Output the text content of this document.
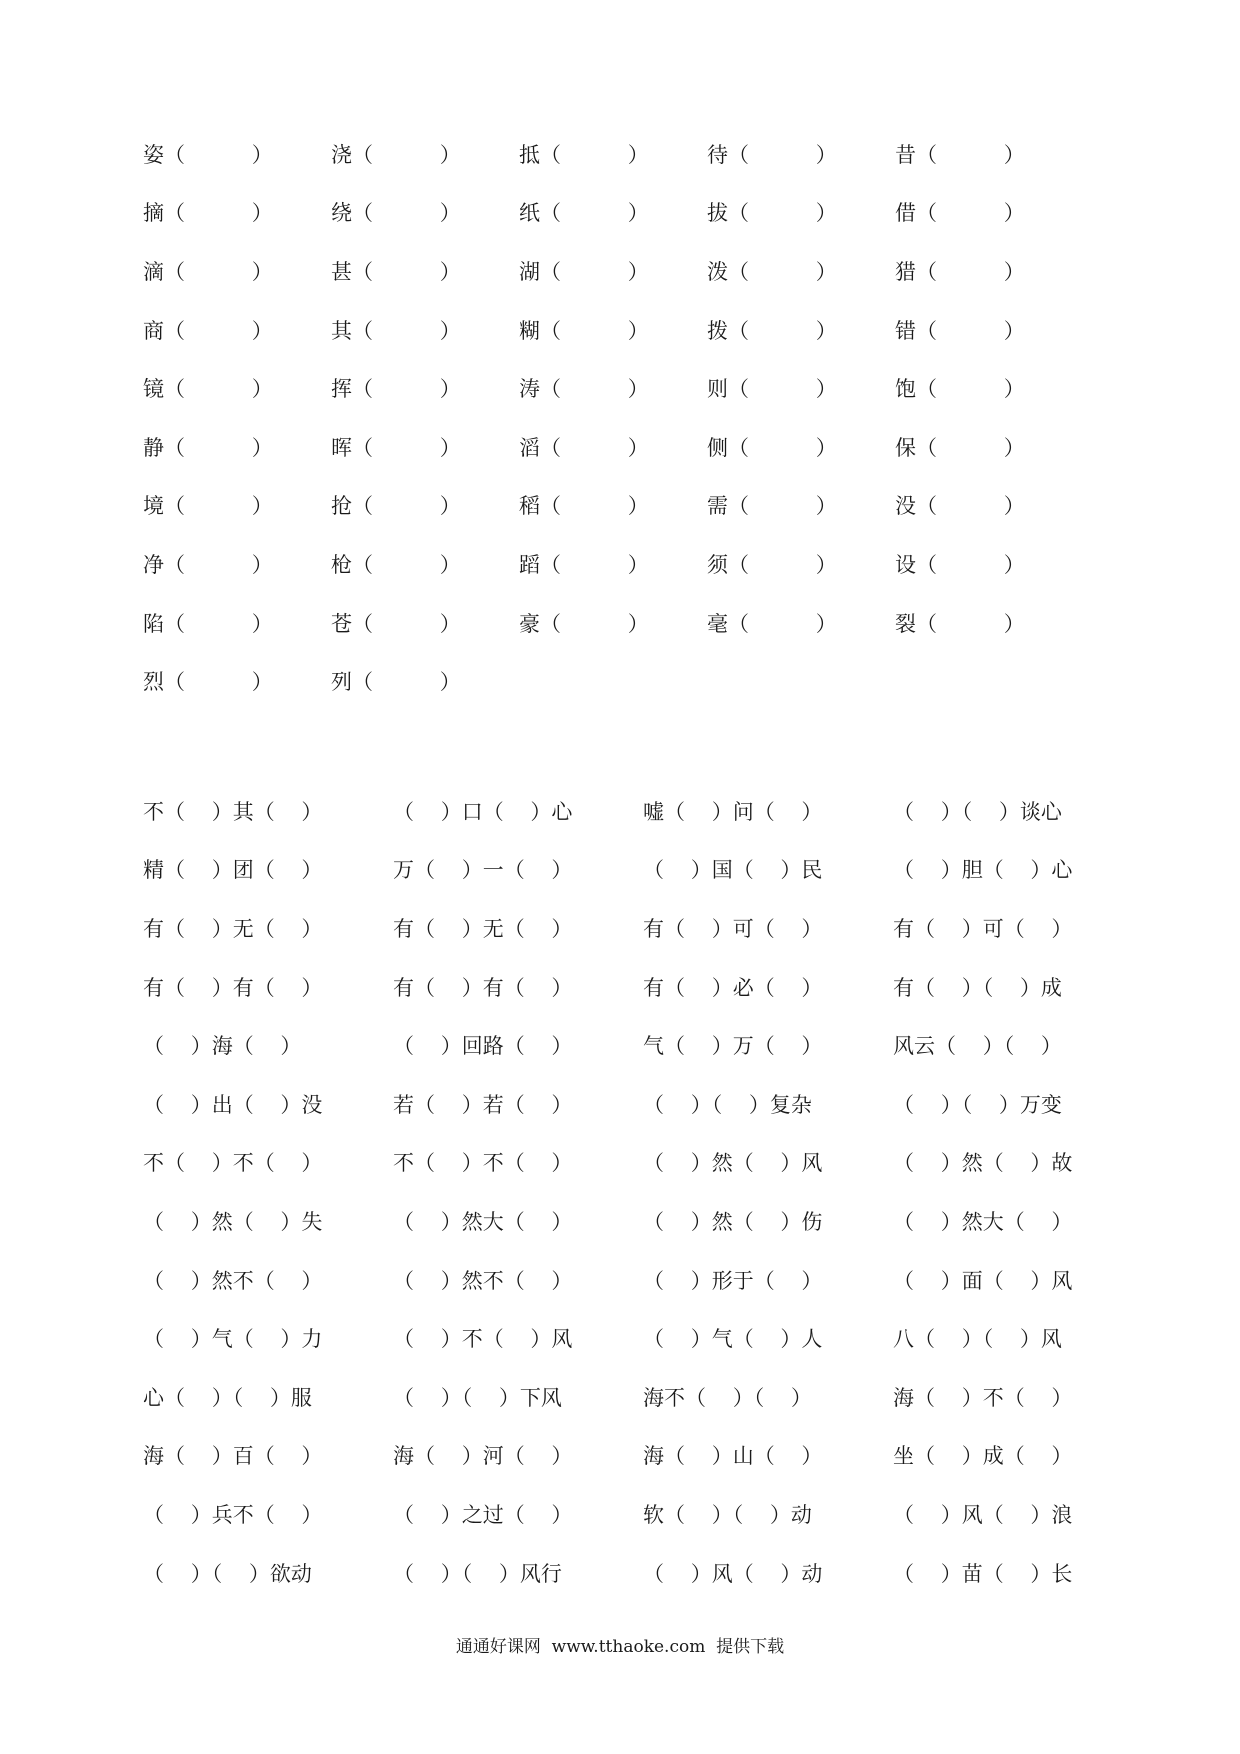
姿（          ）	浇（          ）	抵（          ）	待（          ）	昔（          ）
摘（          ）	绕（          ）	纸（          ）	拔（          ）	借（          ）
滴（          ）	甚（          ）	湖（          ）	泼（          ）	猎（          ）
商（          ）	其（          ）	糊（          ）	拨（          ）	错（          ）
镜（          ）	挥（          ）	涛（          ）	则（          ）	饱（          ）
静（          ）	晖（          ）	滔（          ）	侧（          ）	保（          ）
境（          ）	抢（          ）	稻（          ）	需（          ）	没（          ）
净（          ）	枪（          ）	蹈（          ）	须（          ）	设（          ）
陷（          ）	苍（          ）	豪（          ）	毫（          ）	裂（          ）
烈（          ）	列（          ）
不（    ）其（    ）	（    ）口（    ）心	嘘（    ）问（    ）	（    ）（    ）谈心
精（    ）团（    ）	万（    ）一（    ）	（    ）国（    ）民	（    ）胆（    ）心
有（    ）无（    ）	有（    ）无（    ）	有（    ）可（    ）	有（    ）可（    ）
有（    ）有（    ）	有（    ）有（    ）	有（    ）必（    ）	有（    ）（    ）成
（    ）海（    ）	（    ）回路（    ）	气（    ）万（    ）	风云（    ）（    ）
（    ）出（    ）没	若（    ）若（    ）	（    ）（    ）复杂	（    ）（    ）万变
不（    ）不（    ）	不（    ）不（    ）	（    ）然（    ）风	（    ）然（    ）故
（    ）然（    ）失	（    ）然大（    ）	（    ）然（    ）伤	（    ）然大（    ）
（    ）然不（    ）	（    ）然不（    ）	（    ）形于（    ）	（    ）面（    ）风
（    ）气（    ）力	（    ）不（    ）风	（    ）气（    ）人	八（    ）（    ）风
心（    ）（    ）服	（    ）（    ）下风	海不（    ）（    ）	海（    ）不（    ）
海（    ）百（    ）	海（    ）河（    ）	海（    ）山（    ）	坐（    ）成（    ）
（    ）兵不（    ）	（    ）之过（    ）	软（    ）（    ）动	（    ）风（    ）浪
（    ）（    ）欲动	（    ）（    ）风行	（    ）风（    ）动	（    ）苗（    ）长
通通好课网  www.tthaoke.com  提供下载
